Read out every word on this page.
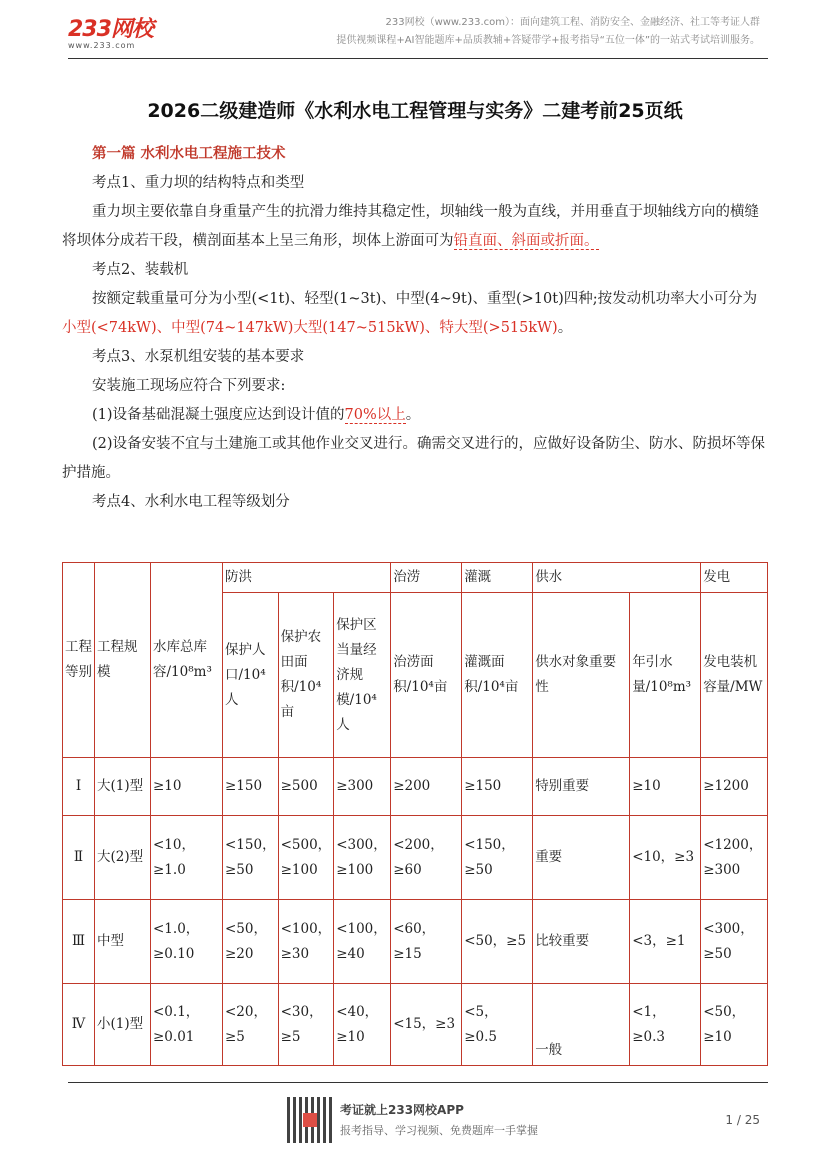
233网校
www.233.com
233网校（www.233.com）：面向建筑工程、消防安全、金融经济、社工等考证人群
提供视频课程+AI智能题库+品质教辅+答疑带学+报考指导“五位一体”的一站式考试培训服务。
2026二级建造师《水利水电工程管理与实务》二建考前25页纸
第一篇 水利水电工程施工技术

考点1、重力坝的结构特点和类型

重力坝主要依靠自身重量产生的抗滑力维持其稳定性，坝轴线一般为直线，并用垂直于坝轴线方向的横缝将坝体分成若干段，横剖面基本上呈三角形，坝体上游面可为铅直面、斜面或折面。

考点2、装载机

按额定载重量可分为小型(<1t)、轻型(1~3t)、中型(4~9t)、重型(>10t)四种;按发动机功率大小可分为小型(<74kW)、中型(74~147kW)大型(147~515kW)、特大型(>515kW)。

考点3、水泵机组安装的基本要求

安装施工现场应符合下列要求:

(1)设备基础混凝土强度应达到设计值的70%以上。

(2)设备安装不宜与土建施工或其他作业交叉进行。确需交叉进行的，应做好设备防尘、防水、防损坏等保护措施。

考点4、水利水电工程等级划分

工程等别	工程规模	水库总库容/10⁸m³	防洪			治涝	灌溉	供水		发电
			保护人口/10⁴人	保护农田面积/10⁴亩	保护区当量经济规模/10⁴人	治涝面积/10⁴亩	灌溉面积/10⁴亩	供水对象重要性	年引水量/10⁸m³	发电装机容量/MW
Ⅰ	大(1)型	≥10	≥150	≥500	≥300	≥200	≥150	特别重要	≥10	≥1200
Ⅱ	大(2)型	<10，≥1.0	<150，≥50	<500，≥100	<300，≥100	<200，≥60	<150，≥50	重要	<10，≥3	<1200，≥300
Ⅲ	中型	<1.0，≥0.10	<50，≥20	<100，≥30	<100，≥40	<60，≥15	<50，≥5	比较重要	<3，≥1	<300，≥50
Ⅳ	小(1)型	<0.1，≥0.01	<20，≥5	<30，≥5	<40，≥10	<15，≥3	<5，≥0.5	一般	<1，≥0.3	<50，≥10
考证就上233网校APP
报考指导、学习视频、免费题库一手掌握
1 / 25
